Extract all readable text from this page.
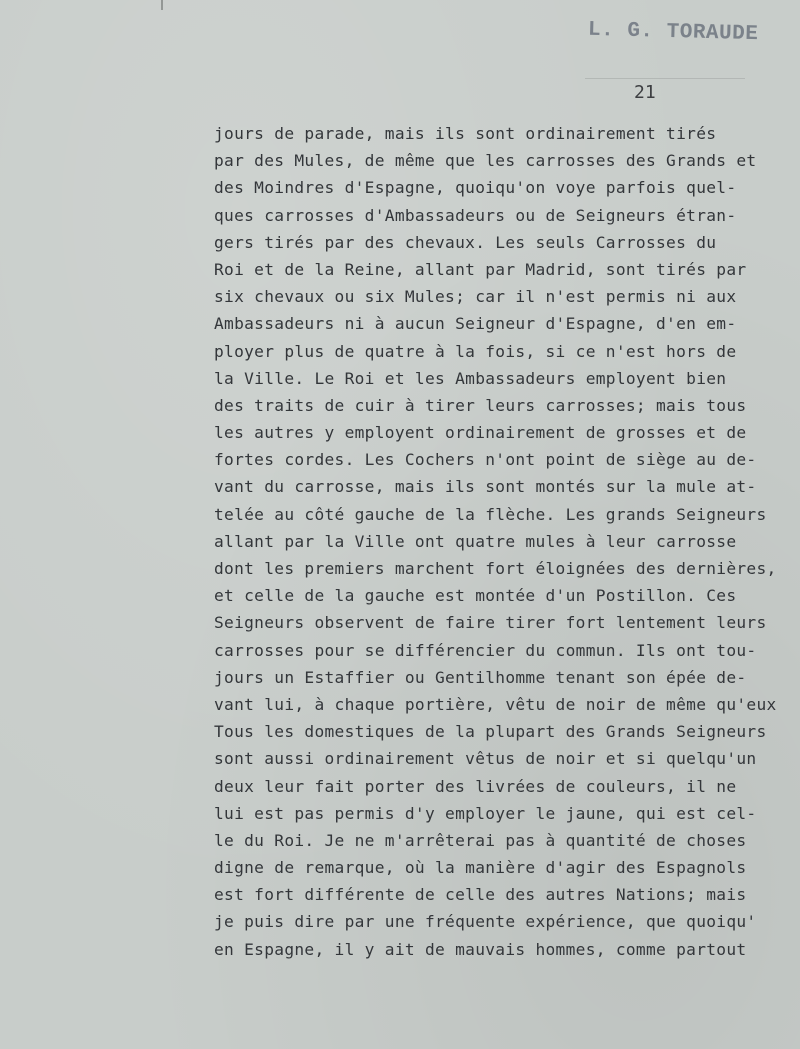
L. G. TORAUDE
21
jours de parade, mais ils sont ordinairement tirés
par des Mules, de même que les carrosses des Grands et
des Moindres d'Espagne, quoiqu'on voye parfois quel-
ques carrosses d'Ambassadeurs ou de Seigneurs étran-
gers tirés par des chevaux. Les seuls Carrosses du
Roi et de la Reine, allant par Madrid, sont tirés par
six chevaux ou six Mules; car il n'est permis ni aux
Ambassadeurs ni à aucun Seigneur d'Espagne, d'en em-
ployer plus de quatre à la fois, si ce n'est hors de
la Ville. Le Roi et les Ambassadeurs employent bien
des traits de cuir à tirer leurs carrosses; mais tous
les autres y employent ordinairement de grosses et de
fortes cordes. Les Cochers n'ont point de siège au de-
vant du carrosse, mais ils sont montés sur la mule at-
telée au côté gauche de la flèche. Les grands Seigneurs
allant par la Ville ont quatre mules à leur carrosse
dont les premiers marchent fort éloignées des dernières,
et celle de la gauche est montée d'un Postillon. Ces
Seigneurs observent de faire tirer fort lentement leurs
carrosses pour se différencier du commun. Ils ont tou-
jours un Estaffier ou Gentilhomme tenant son épée de-
vant lui, à chaque portière, vêtu de noir de même qu'eux
Tous les domestiques de la plupart des Grands Seigneurs
sont aussi ordinairement vêtus de noir et si quelqu'un
deux leur fait porter des livrées de couleurs, il ne
lui est pas permis d'y employer le jaune, qui est cel-
le du Roi. Je ne m'arrêterai pas à quantité de choses
digne de remarque, où la manière d'agir des Espagnols
est fort différente de celle des autres Nations; mais
je puis dire par une fréquente expérience, que quoiqu'
en Espagne, il y ait de mauvais hommes, comme partout
